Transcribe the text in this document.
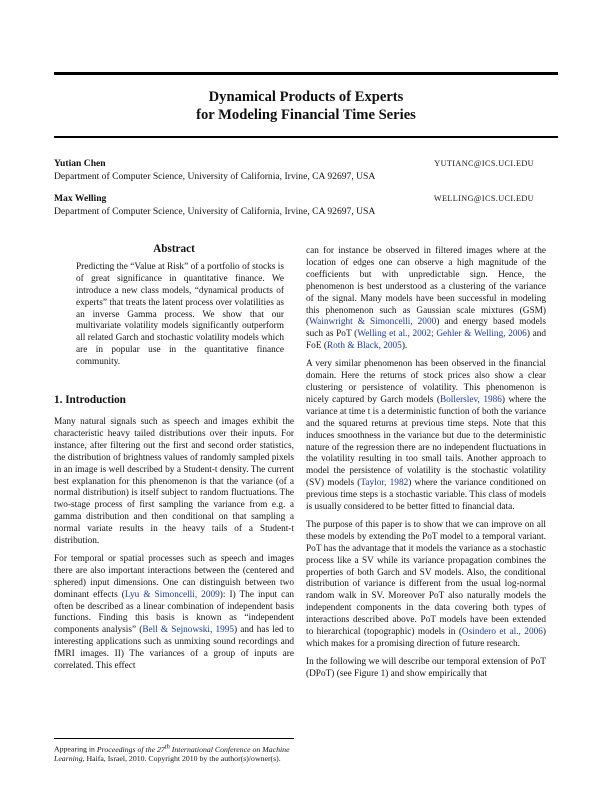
Dynamical Products of Experts
for Modeling Financial Time Series
Yutian Chen	YUTIANC@ICS.UCI.EDU
Department of Computer Science, University of California, Irvine, CA 92697, USA
Max Welling	WELLING@ICS.UCI.EDU
Department of Computer Science, University of California, Irvine, CA 92697, USA
Abstract

Predicting the “Value at Risk” of a portfolio of stocks is of great significance in quantitative finance. We introduce a new class models, “dynamical products of experts” that treats the latent process over volatilities as an inverse Gamma process. We show that our multivariate volatility models significantly outperform all related Garch and stochastic volatility models which are in popular use in the quantitative finance community.

1. Introduction

Many natural signals such as speech and images exhibit the characteristic heavy tailed distributions over their inputs. For instance, after filtering out the first and second order statistics, the distribution of brightness values of randomly sampled pixels in an image is well described by a Student-t density. The current best explanation for this phenomenon is that the variance (of a normal distribution) is itself subject to random fluctuations. The two-stage process of first sampling the variance from e.g. a gamma distribution and then conditional on that sampling a normal variate results in the heavy tails of a Student-t distribution.

For temporal or spatial processes such as speech and images there are also important interactions between the (centered and sphered) input dimensions. One can distinguish between two dominant effects (Lyu & Simoncelli, 2009): I) The input can often be described as a linear combination of independent basis functions. Finding this basis is known as “independent components analysis” (Bell & Sejnowski, 1995) and has led to interesting applications such as unmixing sound recordings and fMRI images. II) The variances of a group of inputs are correlated. This effect

can for instance be observed in filtered images where at the location of edges one can observe a high magnitude of the coefficients but with unpredictable sign. Hence, the phenomenon is best understood as a clustering of the variance of the signal. Many models have been successful in modeling this phenomenon such as Gaussian scale mixtures (GSM) (Wainwright & Simoncelli, 2000) and energy based models such as PoT (Welling et al., 2002; Gehler & Welling, 2006) and FoE (Roth & Black, 2005).

A very similar phenomenon has been observed in the financial domain. Here the returns of stock prices also show a clear clustering or persistence of volatility. This phenomenon is nicely captured by Garch models (Bollerslev, 1986) where the variance at time t is a deterministic function of both the variance and the squared returns at previous time steps. Note that this induces smoothness in the variance but due to the deterministic nature of the regression there are no independent fluctuations in the volatility resulting in too small tails. Another approach to model the persistence of volatility is the stochastic volatility (SV) models (Taylor, 1982) where the variance conditioned on previous time steps is a stochastic variable. This class of models is usually considered to be better fitted to financial data.

The purpose of this paper is to show that we can improve on all these models by extending the PoT model to a temporal variant. PoT has the advantage that it models the variance as a stochastic process like a SV while its variance propagation combines the properties of both Garch and SV models. Also, the conditional distribution of variance is different from the usual log-normal random walk in SV. Moreover PoT also naturally models the independent components in the data covering both types of interactions described above. PoT models have been extended to hierarchical (topographic) models in (Osindero et al., 2006) which makes for a promising direction of future research.

In the following we will describe our temporal extension of PoT (DPoT) (see Figure 1) and show empirically that

Appearing in Proceedings of the 27th International Conference on Machine Learning, Haifa, Israel, 2010. Copyright 2010 by the author(s)/owner(s).
